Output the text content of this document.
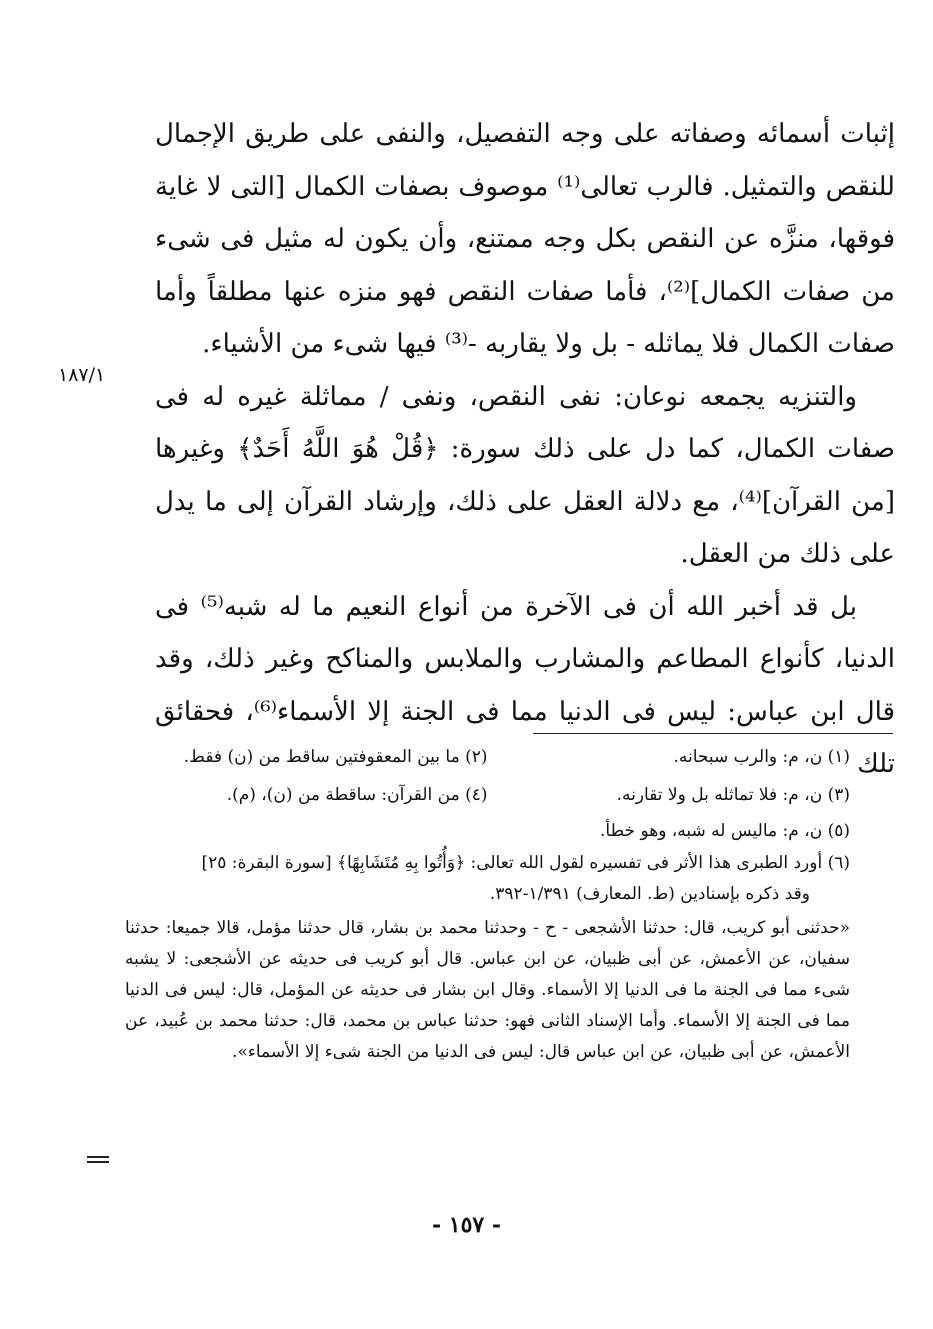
١٨٧/١

إثبات أسمائه وصفاته على وجه التفصيل، والنفى على طريق الإجمال للنقص والتمثيل. فالرب تعالى⁽¹⁾ موصوف بصفات الكمال [التى لا غاية فوقها، منزَّه عن النقص بكل وجه ممتنع، وأن يكون له مثيل فى شىء من صفات الكمال]⁽²⁾، فأما صفات النقص فهو منزه عنها مطلقاً وأما صفات الكمال فلا يماثله - بل ولا يقاربه -⁽³⁾ فيها شىء من الأشياء.

والتنزيه يجمعه نوعان: نفى النقص، ونفى / مماثلة غيره له فى صفات الكمال، كما دل على ذلك سورة: ﴿قُلْ هُوَ اللَّهُ أَحَدٌ﴾ وغيرها [من القرآن]⁽⁴⁾، مع دلالة العقل على ذلك، وإرشاد القرآن إلى ما يدل على ذلك من العقل.

بل قد أخبر الله أن فى الآخرة من أنواع النعيم ما له شبه⁽⁵⁾ فى الدنيا، كأنواع المطاعم والمشارب والملابس والمناكح وغير ذلك، وقد قال ابن عباس: ليس فى الدنيا مما فى الجنة إلا الأسماء⁽⁶⁾، فحقائق تلك

(١) ن، م: والرب سبحانه.
(٢) ما بين المعقوفتين ساقط من (ن) فقط.
(٣) ن، م: فلا تماثله بل ولا تقارنه.
(٤) من القرآن: ساقطة من (ن)، (م).
(٥) ن، م: ماليس له شبه، وهو خطأ.

(٦) أورد الطبرى هذا الأثر فى تفسيره لقول الله تعالى: ﴿وَأُتُوا بِهِ مُتَشَابِهًا﴾ [سورة البقرة: ٢٥]

وقد ذكره بإسنادين (ط. المعارف) ١/٣٩١-٣٩٢.

«حدثنى أبو كريب، قال: حدثنا الأشجعى - ح - وحدثنا محمد بن بشار، قال حدثنا مؤمل، قالا جميعا: حدثنا سفيان، عن الأعمش، عن أبى ظبيان، عن ابن عباس. قال أبو كريب فى حديثه عن الأشجعى: لا يشبه شىء مما فى الجنة ما فى الدنيا إلا الأسماء. وقال ابن بشار فى حديثه عن المؤمل، قال: ليس فى الدنيا مما فى الجنة إلا الأسماء. وأما الإسناد الثانى فهو: حدثنا عباس بن محمد، قال: حدثنا محمد بن عُبيد، عن الأعمش، عن أبى ظبيان، عن ابن عباس قال: ليس فى الدنيا من الجنة شىء إلا الأسماء».

- ١٥٧ -
